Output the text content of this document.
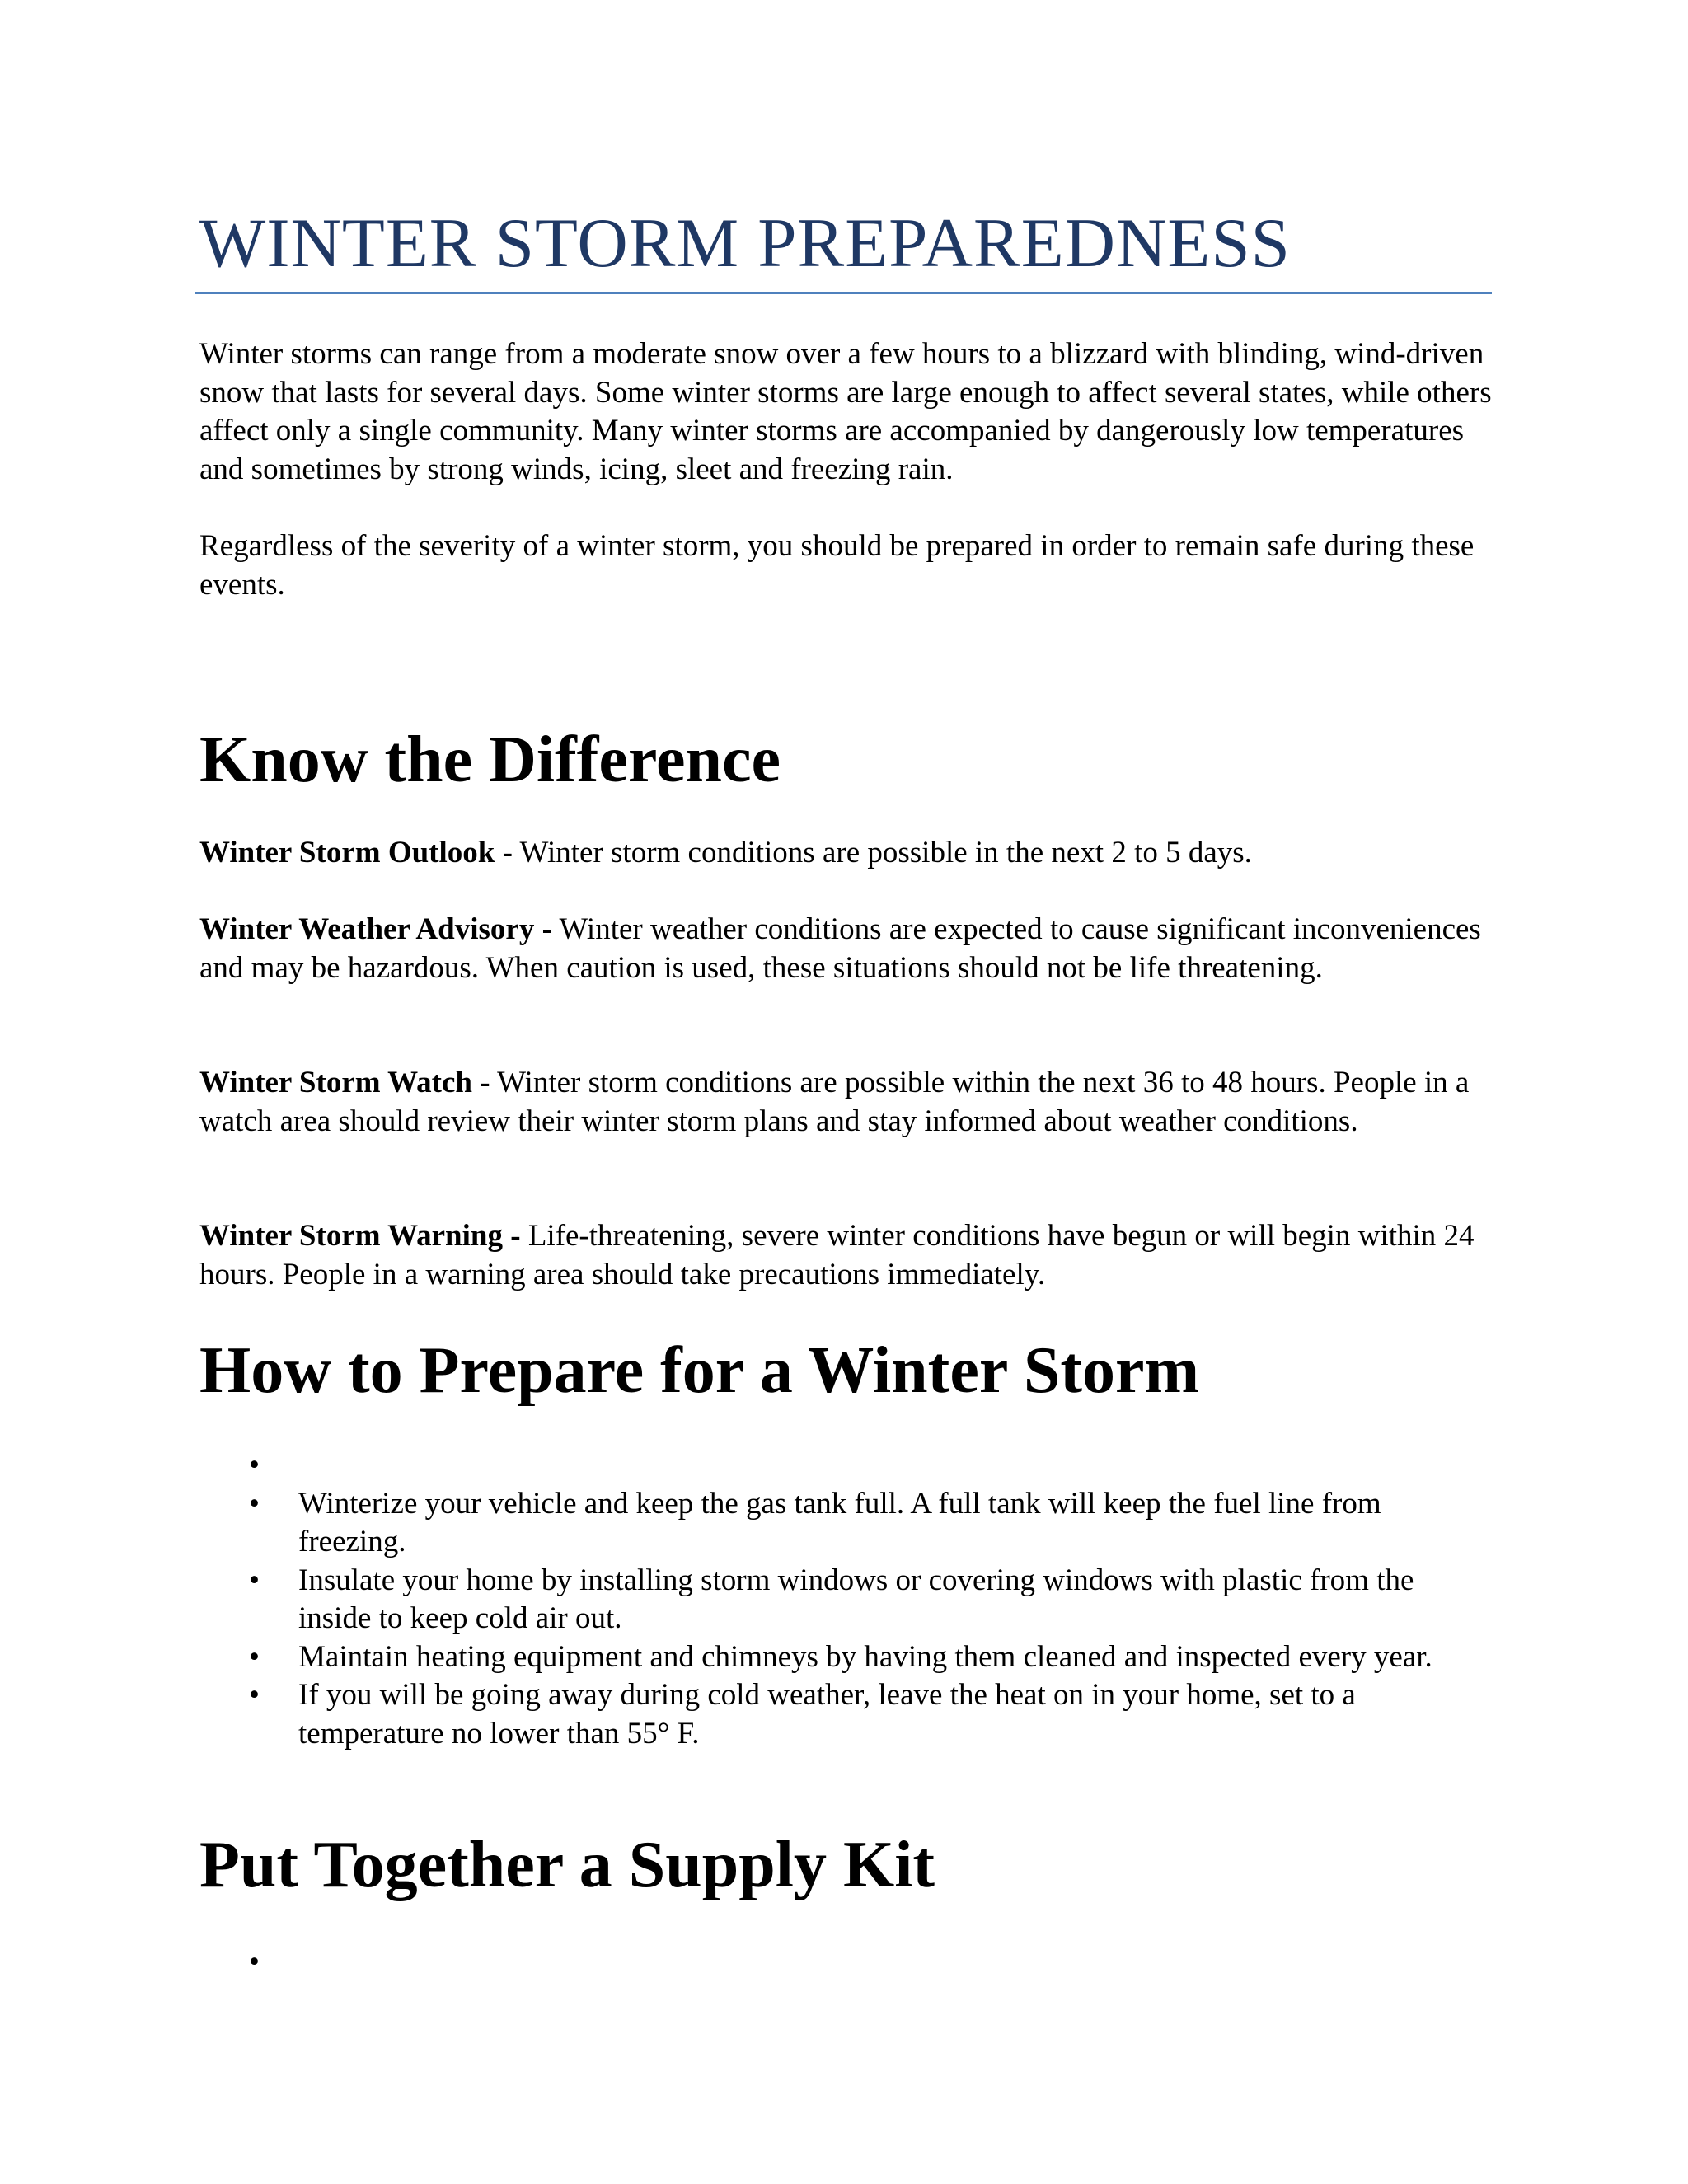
WINTER STORM PREPAREDNESS

Winter storms can range from a moderate snow over a few hours to a blizzard with blinding, wind-driven snow that lasts for several days. Some winter storms are large enough to affect several states, while others affect only a single community. Many winter storms are accompanied by dangerously low temperatures and sometimes by strong winds, icing, sleet and freezing rain.

Regardless of the severity of a winter storm, you should be prepared in order to remain safe during these events.

Know the Difference

Winter Storm Outlook - Winter storm conditions are possible in the next 2 to 5 days.

Winter Weather Advisory - Winter weather conditions are expected to cause significant inconveniences and may be hazardous. When caution is used, these situations should not be life threatening.

Winter Storm Watch - Winter storm conditions are possible within the next 36 to 48 hours. People in a watch area should review their winter storm plans and stay informed about weather conditions.

Winter Storm Warning - Life-threatening, severe winter conditions have begun or will begin within 24 hours. People in a warning area should take precautions immediately.

How to Prepare for a Winter Storm
•
•	Winterize your vehicle and keep the gas tank full. A full tank will keep the fuel line from freezing.
•	Insulate your home by installing storm windows or covering windows with plastic from the inside to keep cold air out.
•	Maintain heating equipment and chimneys by having them cleaned and inspected every year.
•	If you will be going away during cold weather, leave the heat on in your home, set to a temperature no lower than 55° F.
Put Together a Supply Kit
•
